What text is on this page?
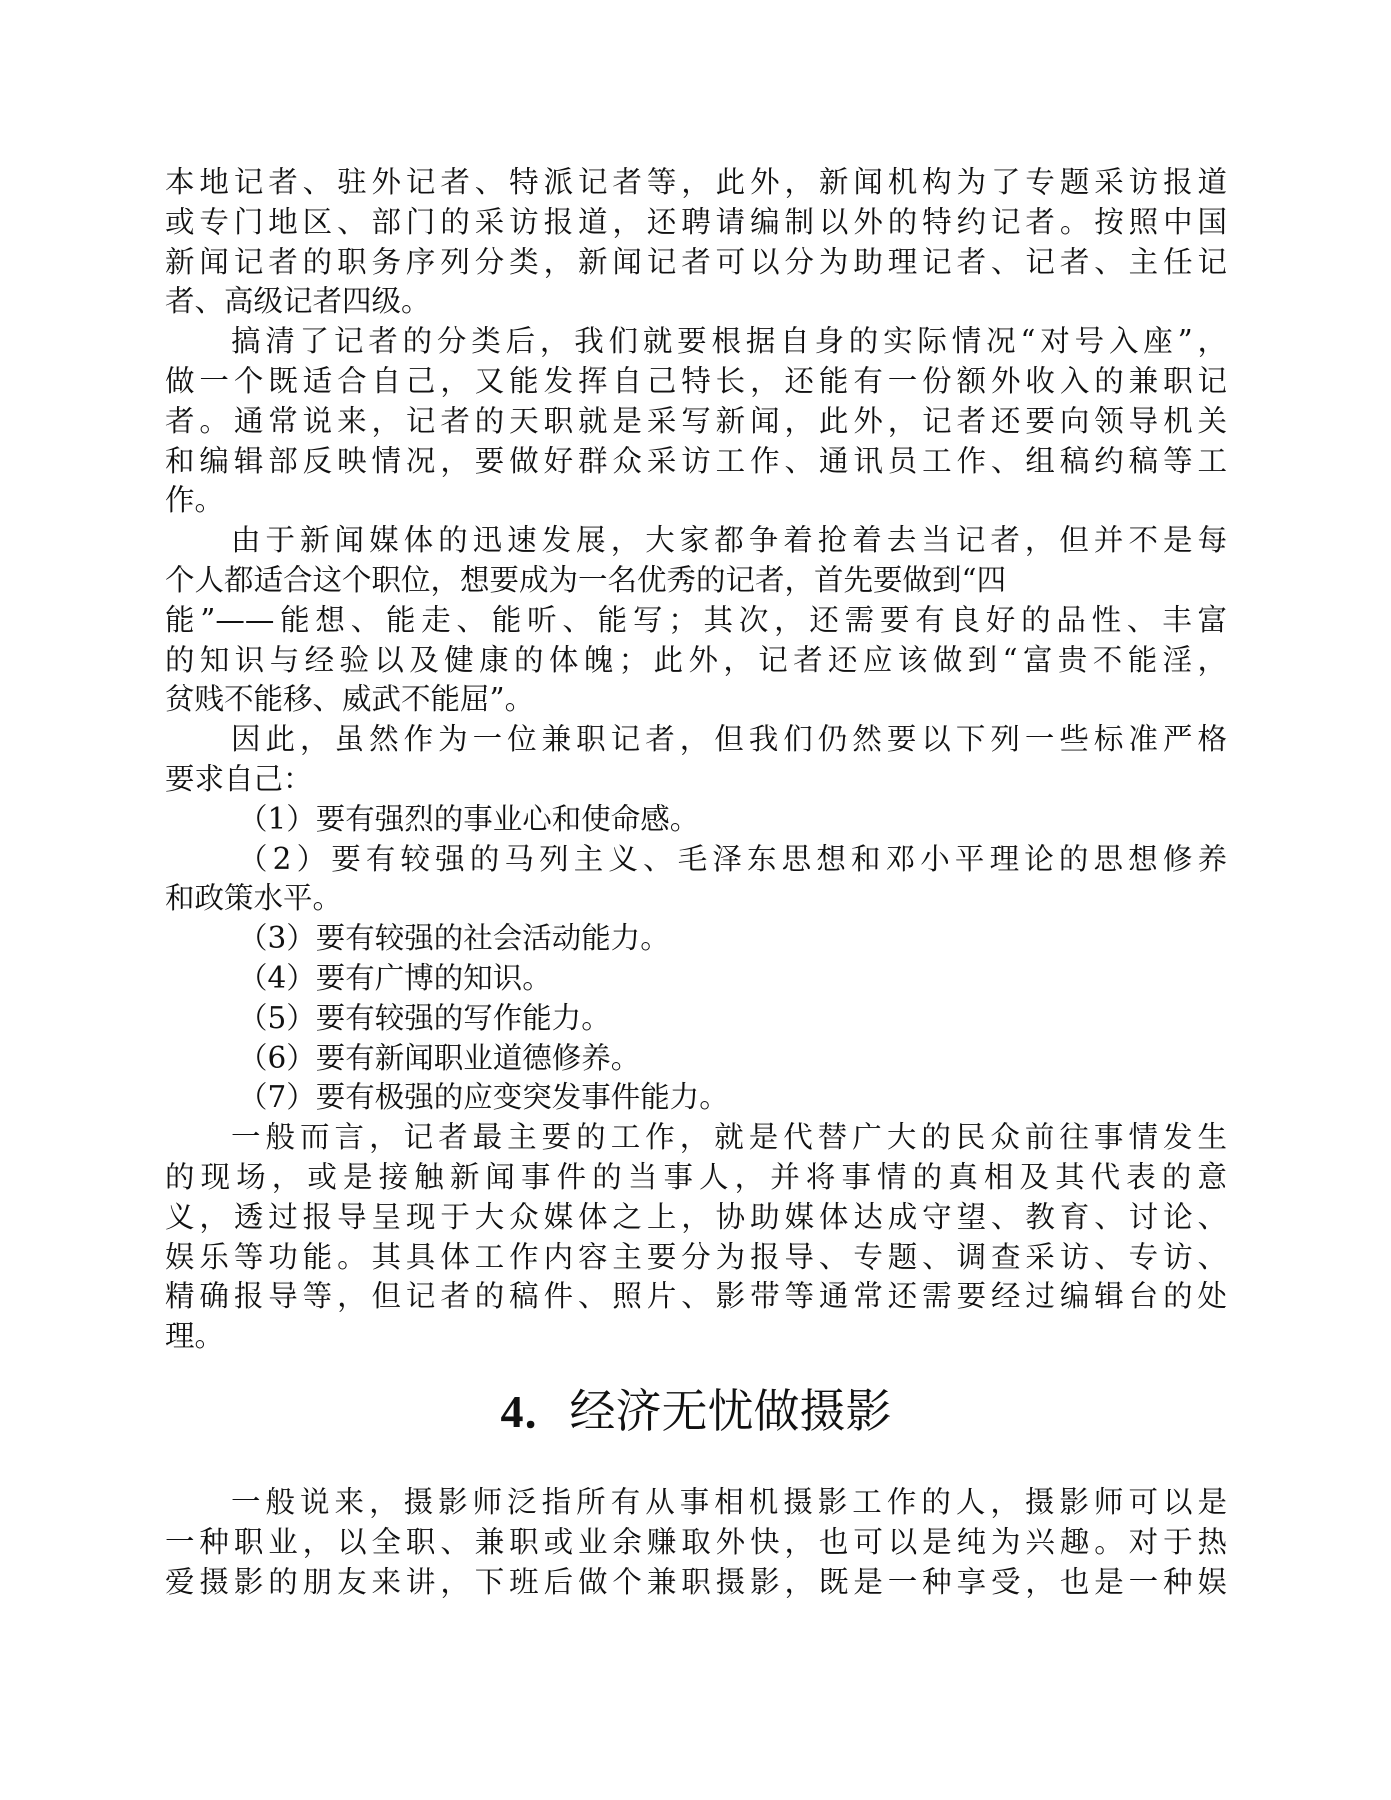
本地记者、驻外记者、特派记者等，此外，新闻机构为了专题采访报道
或专门地区、部门的采访报道，还聘请编制以外的特约记者。按照中国
新闻记者的职务序列分类，新闻记者可以分为助理记者、记者、主任记
者、高级记者四级。
搞清了记者的分类后，我们就要根据自身的实际情况“对号入座”，
做一个既适合自己，又能发挥自己特长，还能有一份额外收入的兼职记
者。通常说来，记者的天职就是采写新闻，此外，记者还要向领导机关
和编辑部反映情况，要做好群众采访工作、通讯员工作、组稿约稿等工
作。
由于新闻媒体的迅速发展，大家都争着抢着去当记者，但并不是每
个人都适合这个职位，想要成为一名优秀的记者，首先要做到“四
能”——能想、能走、能听、能写；其次，还需要有良好的品性、丰富
的知识与经验以及健康的体魄；此外，记者还应该做到“富贵不能淫，
贫贱不能移、威武不能屈”。
因此，虽然作为一位兼职记者，但我们仍然要以下列一些标准严格
要求自己：
（1）要有强烈的事业心和使命感。
（2）要有较强的马列主义、毛泽东思想和邓小平理论的思想修养
和政策水平。
（3）要有较强的社会活动能力。
（4）要有广博的知识。
（5）要有较强的写作能力。
（6）要有新闻职业道德修养。
（7）要有极强的应变突发事件能力。
一般而言，记者最主要的工作，就是代替广大的民众前往事情发生
的现场，或是接触新闻事件的当事人，并将事情的真相及其代表的意
义，透过报导呈现于大众媒体之上，协助媒体达成守望、教育、讨论、
娱乐等功能。其具体工作内容主要分为报导、专题、调查采访、专访、
精确报导等，但记者的稿件、照片、影带等通常还需要经过编辑台的处
理。
4．经济无忧做摄影
一般说来，摄影师泛指所有从事相机摄影工作的人，摄影师可以是
一种职业，以全职、兼职或业余赚取外快，也可以是纯为兴趣。对于热
爱摄影的朋友来讲，下班后做个兼职摄影，既是一种享受，也是一种娱
